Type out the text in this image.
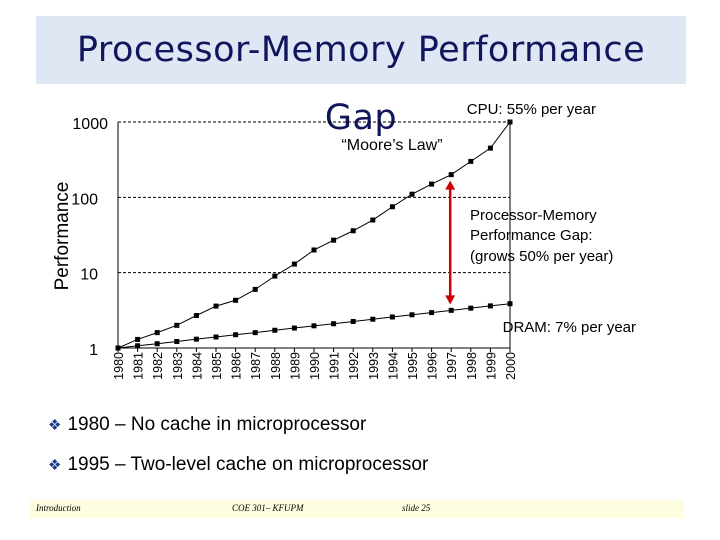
Processor-Memory Performance Gap
1
10
100
1000
1980 1981 1982 1983 1984 1985 1986 1987 1988 1989 1990 1991 1992 1993 1994 1995 1996 1997 1998 1999 2000
Performance
“Moore’s Law”
Processor-Memory
Performance Gap:
(grows 50% per year)
CPU: 55% per year
DRAM: 7% per year
❖ 1980 – No cache in microprocessor
❖ 1995 – Two-level cache on microprocessor
Introduction	COE 301– KFUPM	slide 25
